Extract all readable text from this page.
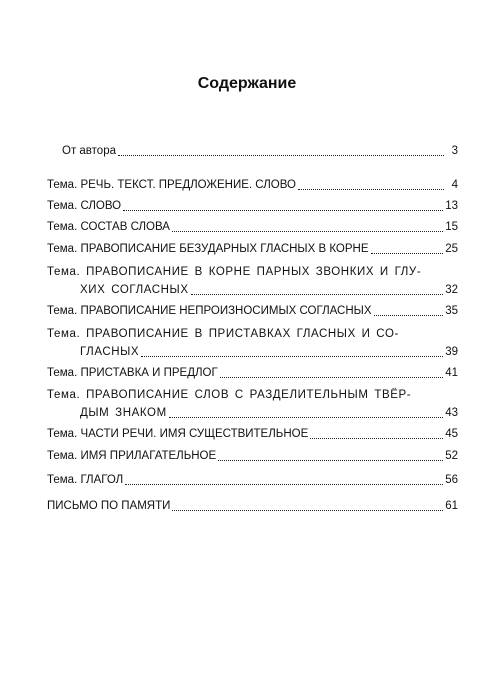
Содержание
От автора	3
Тема. РЕЧЬ. ТЕКСТ. ПРЕДЛОЖЕНИЕ. СЛОВО	4
Тема. СЛОВО	13
Тема. СОСТАВ СЛОВА	15
Тема. ПРАВОПИСАНИЕ БЕЗУДАРНЫХ ГЛАСНЫХ В КОРНЕ	25
Тема. ПРАВОПИСАНИЕ В КОРНЕ ПАРНЫХ ЗВОНКИХ И ГЛУ-
ХИХ СОГЛАСНЫХ	32
Тема. ПРАВОПИСАНИЕ НЕПРОИЗНОСИМЫХ СОГЛАСНЫХ	35
Тема. ПРАВОПИСАНИЕ В ПРИСТАВКАХ ГЛАСНЫХ И СО-
ГЛАСНЫХ	39
Тема. ПРИСТАВКА И ПРЕДЛОГ	41
Тема. ПРАВОПИСАНИЕ СЛОВ С РАЗДЕЛИТЕЛЬНЫМ ТВЁР-
ДЫМ ЗНАКОМ	43
Тема. ЧАСТИ РЕЧИ. ИМЯ СУЩЕСТВИТЕЛЬНОЕ	45
Тема. ИМЯ ПРИЛАГАТЕЛЬНОЕ	52
Тема. ГЛАГОЛ	56
ПИСЬМО ПО ПАМЯТИ	61
